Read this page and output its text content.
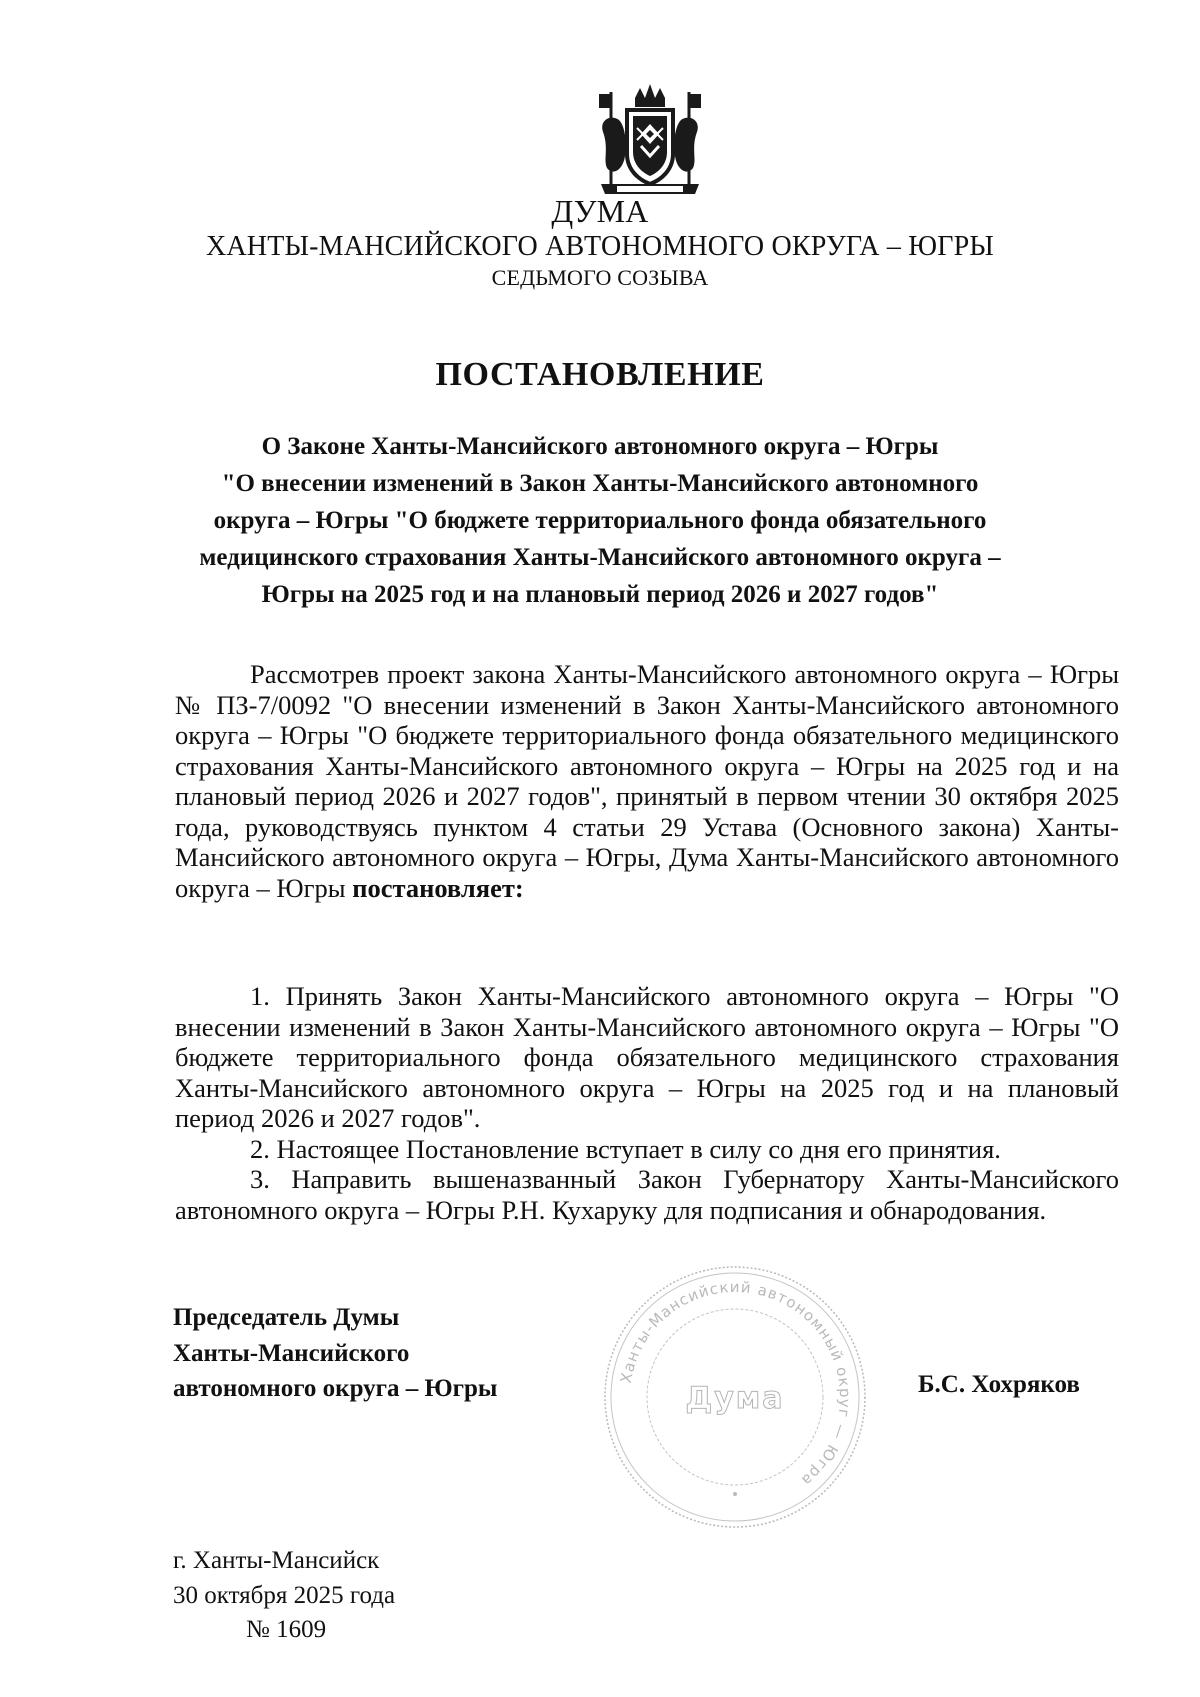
ДУМА
ХАНТЫ-МАНСИЙСКОГО АВТОНОМНОГО ОКРУГА – ЮГРЫ
СЕДЬМОГО СОЗЫВА
ПОСТАНОВЛЕНИЕ
О Законе Ханты-Мансийского автономного округа – Югры
"О внесении изменений в Закон Ханты-Мансийского автономного
округа – Югры "О бюджете территориального фонда обязательного
медицинского страхования Ханты-Мансийского автономного округа –
Югры на 2025 год и на плановый период 2026 и 2027 годов"
Рассмотрев проект закона Ханты-Мансийского автономного округа – Югры № ПЗ-7/0092 "О внесении изменений в Закон Ханты-Мансийского автономного округа – Югры "О бюджете территориального фонда обязательного медицинского страхования Ханты-Мансийского автономного округа – Югры на 2025 год и на плановый период 2026 и 2027 годов", принятый в первом чтении 30 октября 2025 года, руководствуясь пунктом 4 статьи 29 Устава (Основного закона) Ханты-Мансийского автономного округа – Югры, Дума Ханты-Мансийского автономного округа – Югры постановляет:

1. Принять Закон Ханты-Мансийского автономного округа – Югры "О внесении изменений в Закон Ханты-Мансийского автономного округа – Югры "О бюджете территориального фонда обязательного медицинского страхования Ханты-Мансийского автономного округа – Югры на 2025 год и на плановый период 2026 и 2027 годов".

2. Настоящее Постановление вступает в силу со дня его принятия.

3. Направить вышеназванный Закон Губернатору Ханты-Мансийского автономного округа – Югры Р.Н. Кухаруку для подписания и обнародования.

Председатель Думы
Ханты-Мансийского
автономного округа – Югры	Ханты-Мансийский автономный округ — Югра
Дума	Б.С. Хохряков
г. Ханты-Мансийск
30 октября 2025 года
№ 1609
